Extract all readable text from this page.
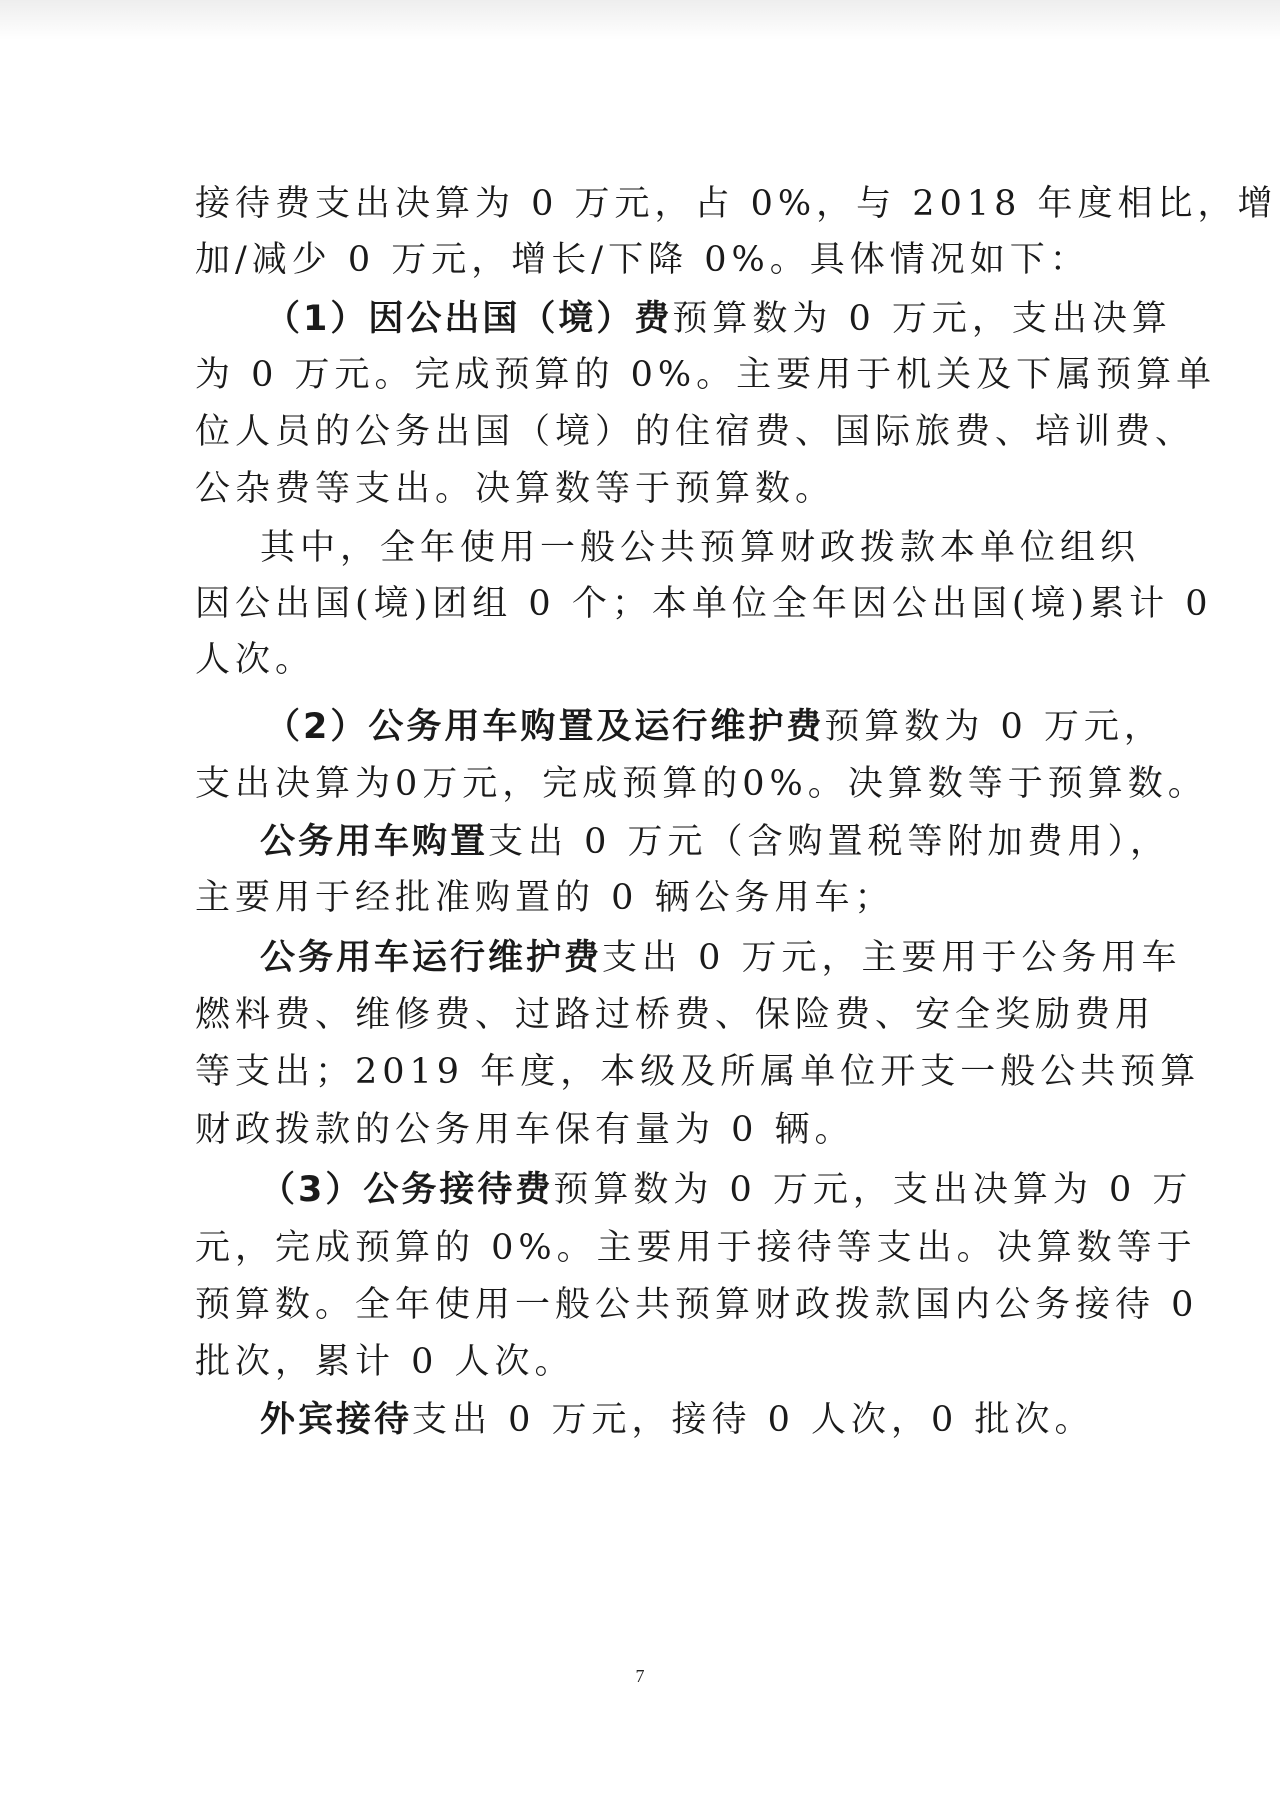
接待费支出决算为 0 万元，占 0%，与 2018 年度相比，增
加/减少 0 万元，增长/下降 0%。具体情况如下：
（1）因公出国（境）费预算数为 0 万元，支出决算
为 0 万元。完成预算的 0%。主要用于机关及下属预算单
位人员的公务出国（境）的住宿费、国际旅费、培训费、
公杂费等支出。决算数等于预算数。
其中，全年使用一般公共预算财政拨款本单位组织
因公出国(境)团组 0 个；本单位全年因公出国(境)累计 0
人次。
（2）公务用车购置及运行维护费预算数为 0 万元，
支出决算为0万元，完成预算的0%。决算数等于预算数。
公务用车购置支出 0 万元（含购置税等附加费用），
主要用于经批准购置的 0 辆公务用车；
公务用车运行维护费支出 0 万元，主要用于公务用车
燃料费、维修费、过路过桥费、保险费、安全奖励费用
等支出；2019 年度，本级及所属单位开支一般公共预算
财政拨款的公务用车保有量为 0 辆。
（3）公务接待费预算数为 0 万元，支出决算为 0 万
元，完成预算的 0%。主要用于接待等支出。决算数等于
预算数。全年使用一般公共预算财政拨款国内公务接待 0
批次，累计 0 人次。
外宾接待支出 0 万元，接待 0 人次，0 批次。
7
